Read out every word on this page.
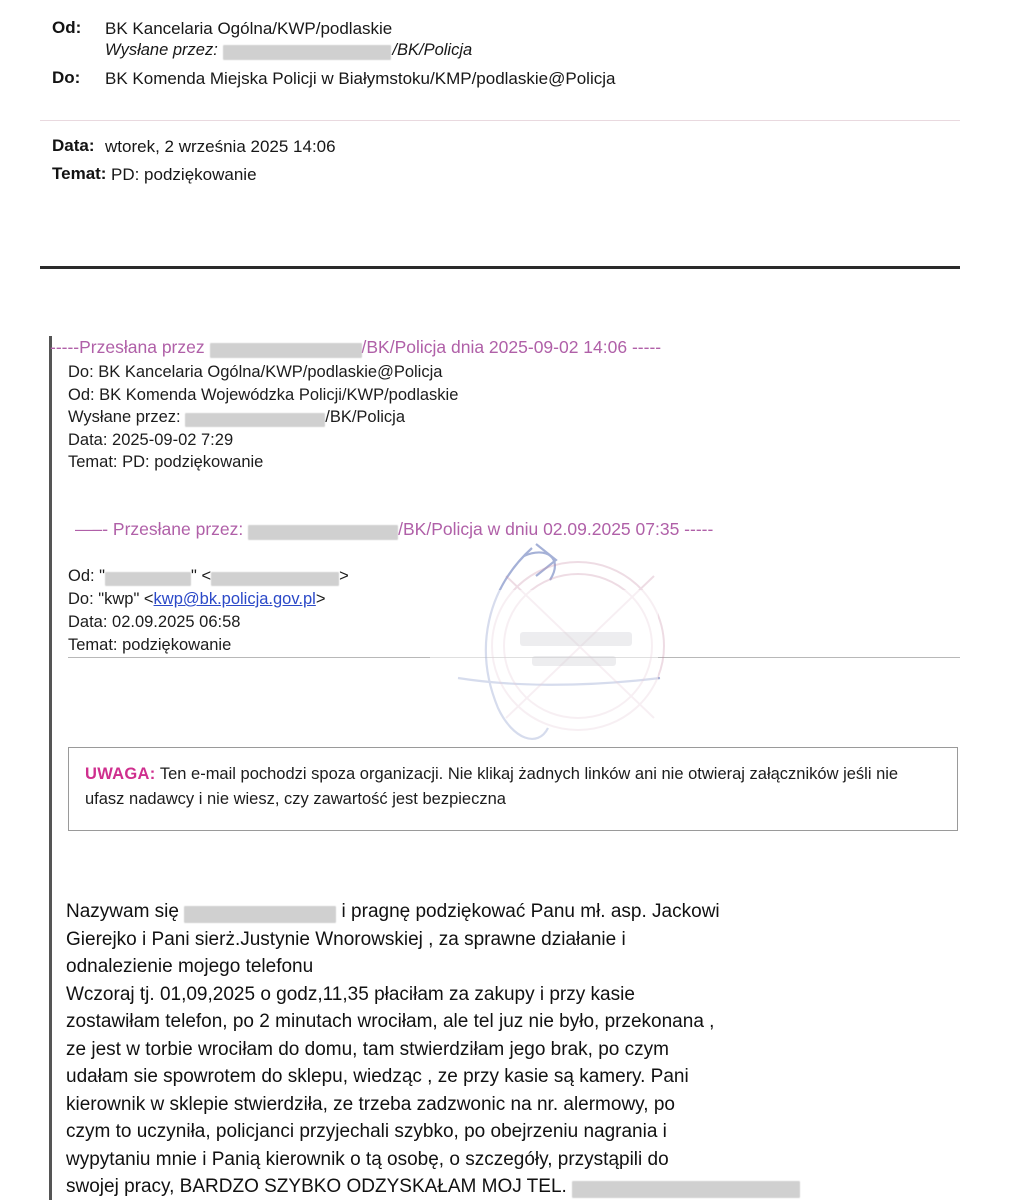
Od:	BK Kancelaria Ogólna/KWP/podlaskie
Wysłane przez:	/BK/Policja
Do:	BK Komenda Miejska Policji w Białymstoku/KMP/podlaskie@Policja
Data: wtorek, 2 września 2025 14:06
Temat: PD: podziękowanie
-----Przesłana przez	/BK/Policja dnia 2025-09-02 14:06 -----
Do: BK Kancelaria Ogólna/KWP/podlaskie@Policja
Od: BK Komenda Wojewódzka Policji/KWP/podlaskie
Wysłane przez:	/BK/Policja
Data: 2025-09-02 7:29
Temat: PD: podziękowanie
—–- Przesłane przez:	/BK/Policja w dniu 02.09.2025 07:35 -----
Od: "	" <	>
Do: "kwp" <kwp@bk.policja.gov.pl>
Data: 02.09.2025 06:58
Temat: podziękowanie
UWAGA: Ten e-mail pochodzi spoza organizacji. Nie klikaj żadnych linków ani nie otwieraj załączników jeśli nie ufasz nadawcy i nie wiesz, czy zawartość jest bezpieczna

Nazywam się	i pragnę podziękować Panu mł. asp. Jackowi

Gierejko i Pani sierż.Justynie Wnorowskiej , za sprawne działanie i

odnalezienie mojego telefonu

Wczoraj tj. 01,09,2025 o godz,11,35 płaciłam za zakupy i przy kasie

zostawiłam telefon, po 2 minutach wrociłam, ale tel juz nie było, przekonana ,

ze jest w torbie wrociłam do domu, tam stwierdziłam jego brak, po czym

udałam sie spowrotem do sklepu, wiedząc , ze przy kasie są kamery. Pani

kierownik w sklepie stwierdziła, ze trzeba zadzwonic na nr. alermowy, po

czym to uczyniła, policjanci przyjechali szybko, po obejrzeniu nagrania i

wypytaniu mnie i Panią kierownik o tą osobę, o szczegóły, przystąpili do

swojej pracy, BARDZO SZYBKO ODZYSKAŁAM MOJ TEL.
